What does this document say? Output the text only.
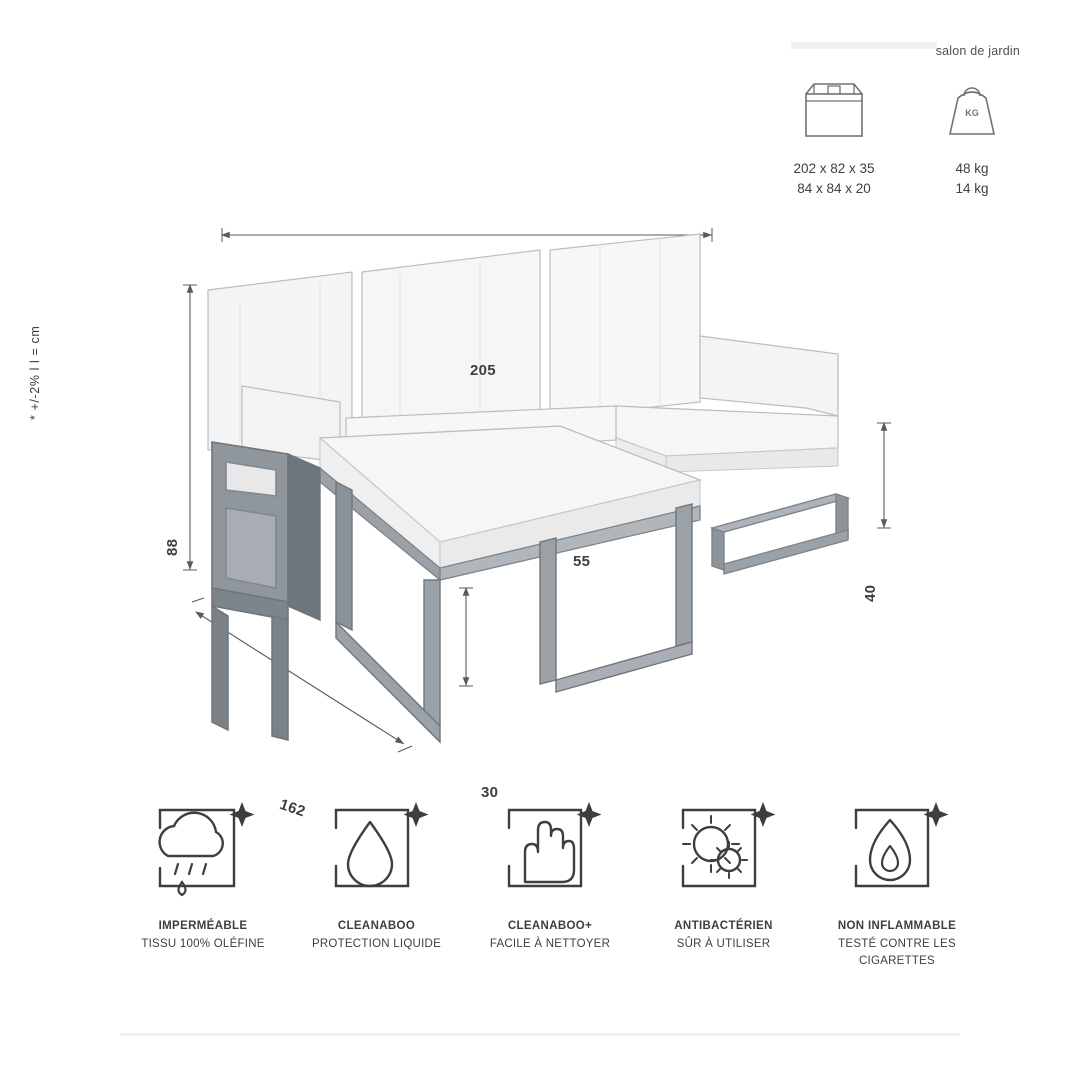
salon de jardin
202 x 82 x 35
84 x 84 x 20
KG
48 kg
14 kg
* +/-2% l l = cm	205
88
55
40
30
162
IMPERMÉABLE
TISSU 100% OLÉFINE
CLEANABOO
PROTECTION LIQUIDE
CLEANABOO+
FACILE À NETTOYER
ANTIBACTÉRIEN
SÛR À UTILISER
NON INFLAMMABLE
TESTÉ CONTRE LES CIGARETTES
